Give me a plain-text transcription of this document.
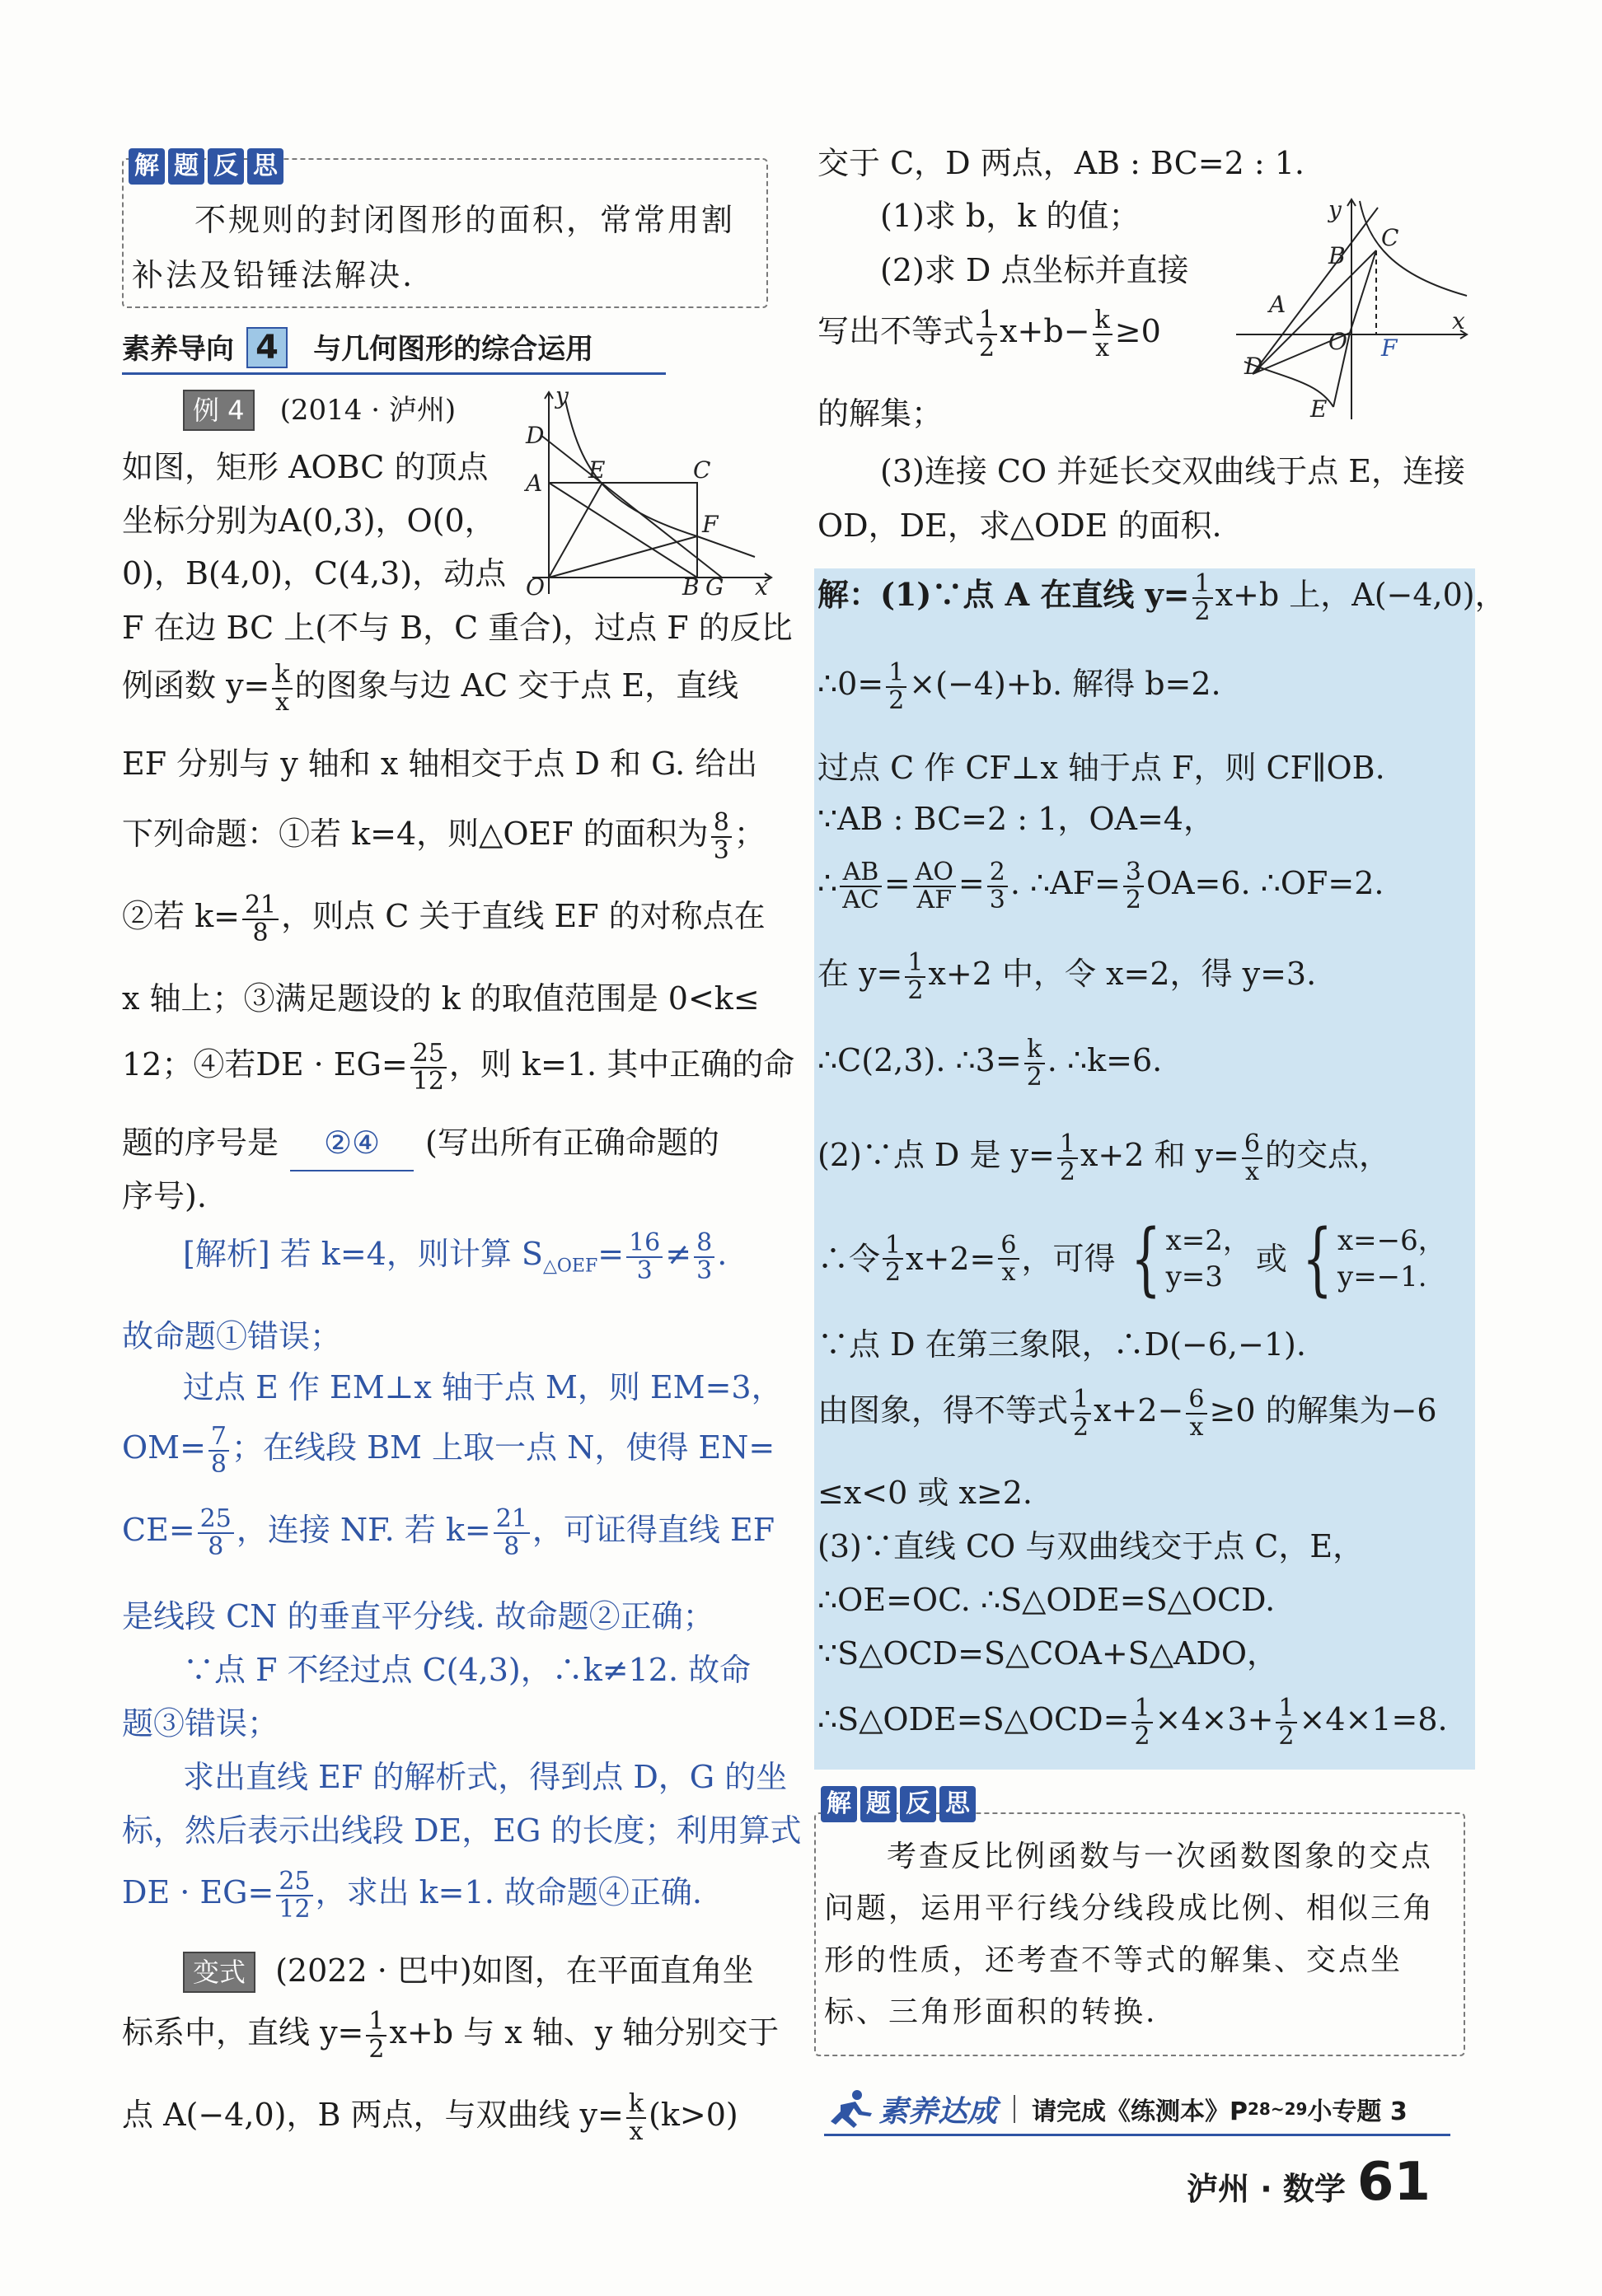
解 题 反 思

不规则的封闭图形的面积，常常用割补法及铅锤法解决.

素养导向 4 与几何图形的综合运用
例 4 (2014 · 泸州)	y
D
A E	C
F
O	B G x

如图，矩形 AOBC 的顶点

坐标分别为A(0,3)，O(0，

0)，B(4,0)，C(4,3)，动点

F 在边 BC 上(不与 B，C 重合)，过点 F 的反比

例函数 $y= \frac{k}{x}$ 的图象与边 AC 交于点 E，直线

EF 分别与 y 轴和 x 轴相交于点 D 和 G. 给出

下列命题：①若 k=4，则△OEF 的面积为 $\frac{8}{3}$ ；

②若 $k= \frac{21}{8}$ ，则点 C 关于直线 EF 的对称点在

x 轴上；③满足题设的 k 的取值范围是 0<k≤

12；④若DE · $EG= \frac{25}{12}$ ，则 k=1. 其中正确的命

题的序号是 ②④ (写出所有正确命题的

序号).

[解析] 若 k=4，则计算 $S_{\triangle OEF}= \frac{16}{3} \ne \frac{8}{3}$ .

故命题①错误；

过点 E 作 EM⊥x 轴于点 M，则 EM=3，

$OM= \frac{7}{8}$ ；在线段 BM 上取一点 N，使得 EN=

$CE= \frac{25}{8}$ ，连接 NF. 若 $k= \frac{21}{8}$ ，可证得直线 EF

是线段 CN 的垂直平分线. 故命题②正确；

∵点 F 不经过点 C(4,3)，∴k≠12. 故命

题③错误；

求出直线 EF 的解析式，得到点 D，G 的坐

标，然后表示出线段 DE，EG 的长度；利用算式

DE · $EG= \frac{25}{12}$ ，求出 k=1. 故命题④正确.

变式 (2022 · 巴中)如图，在平面直角坐

标系中，直线 $y= \frac{1}{2} x+b$ 与 x 轴、y 轴分别交于

点 A(−4,0)，B 两点，与双曲线 $y= \frac{k}{x} (k>0)$

交于 C，D 两点，AB : BC=2 : 1.

(1)求 b，k 的值；

(2)求 D 点坐标并直接

写出不等式 $\frac{1}{2} x+b- \frac{k}{x} \ge 0$

的解集；

(3)连接 CO 并延长交双曲线于点 E，连接

OD，DE，求△ODE 的面积.

y
C
B
A
O F
x
D
E

解：(1)∵点 A 在直线 $y= \frac{1}{2} x+b$ 上，A(−4,0)，

∴0= $\frac{1}{2} \times(-4)+b$. 解得 b=2.

过点 C 作 CF⊥x 轴于点 F，则 CF∥OB.

∵AB : BC=2 : 1，OA=4，

∴ $\frac{AB}{AC} = \frac{AO}{AF} = \frac{2}{3}$ . ∴AF= $\frac{3}{2} OA=6$. ∴OF=2.

在 $y= \frac{1}{2} x+2$ 中，令 x=2，得 y=3.

∴C(2,3). ∴3= $\frac{k}{2}$ . ∴k=6.

(2)∵点 D 是 $y= \frac{1}{2} x+2$ 和 $y= \frac{6}{x}$ 的交点，

∴令 $\frac{1}{2} x+2= \frac{6}{x}$ ，可得 { x=2，
y=3
或 { x=−6，
y=−1.

∵点 D 在第三象限，∴D(−6,−1).

由图象，得不等式 $\frac{1}{2} x+2- \frac{6}{x} \ge 0$ 的解集为−6

≤x<0 或 x≥2.

(3)∵直线 CO 与双曲线交于点 C，E，

∴OE=OC. ∴S△ODE=S△OCD.

∵S△OCD=S△COA+S△ADO，

∴S△ODE=S△OCD= $\frac{1}{2} \times 4\times 3+ \frac{1}{2} \times 4\times 1=8$.

解 题 反 思

考查反比例函数与一次函数图象的交点问题，运用平行线分线段成比例、相似三角形的性质，还考查不等式的解集、交点坐标、三角形面积的转换.

素养达成 请完成《练测本》P 28~29 小专题 3
泸州 · 数学 61
